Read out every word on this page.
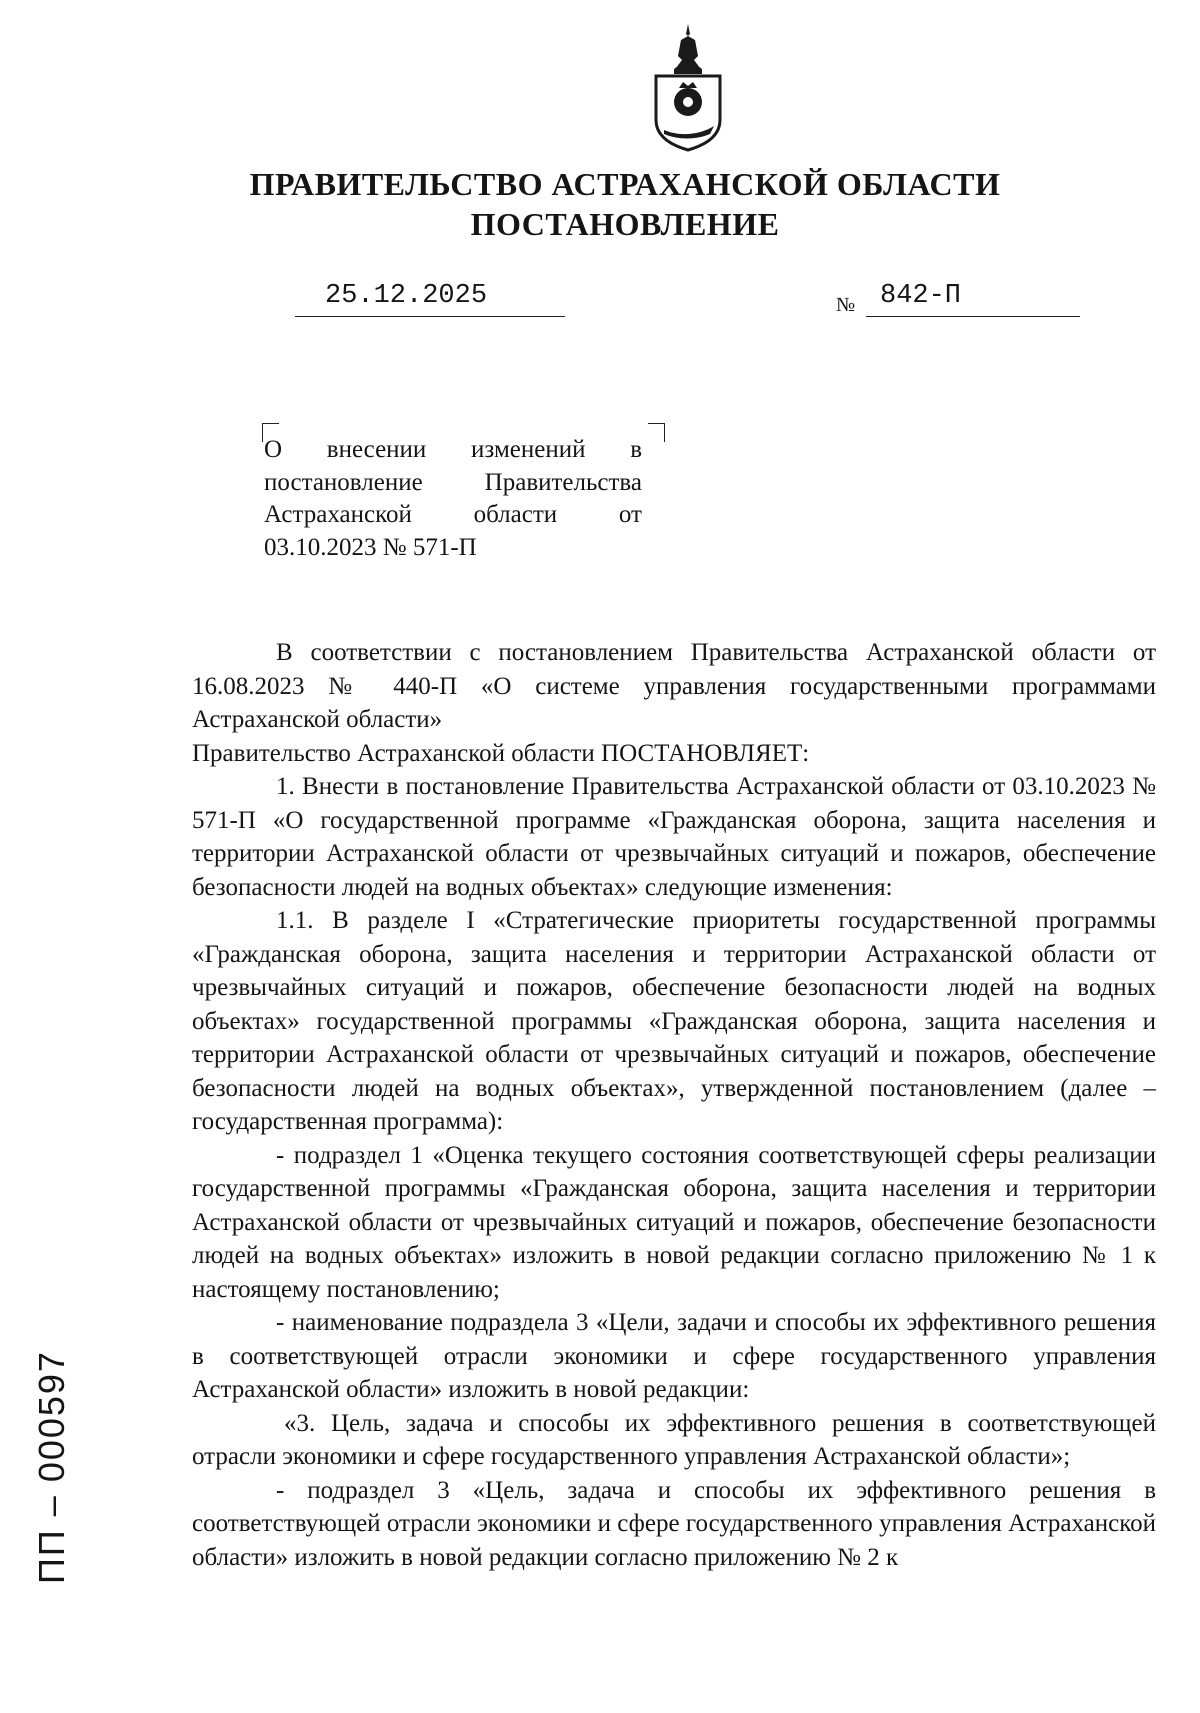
ПРАВИТЕЛЬСТВО АСТРАХАНСКОЙ ОБЛАСТИ
ПОСТАНОВЛЕНИЕ
25.12.2025	№ 842-П

О внесении изменений в постановление Правительства Астраханской области от 03.10.2023 № 571-П

В соответствии с постановлением Правительства Астраханской области от 16.08.2023 № 440-П «О системе управления государственными программами Астраханской области»

Правительство Астраханской области ПОСТАНОВЛЯЕТ:

1. Внести в постановление Правительства Астраханской области от 03.10.2023 № 571-П «О государственной программе «Гражданская оборона, защита населения и территории Астраханской области от чрезвычайных ситуаций и пожаров, обеспечение безопасности людей на водных объектах» следующие изменения:

1.1. В разделе I «Стратегические приоритеты государственной программы «Гражданская оборона, защита населения и территории Астраханской области от чрезвычайных ситуаций и пожаров, обеспечение безопасности людей на водных объектах» государственной программы «Гражданская оборона, защита населения и территории Астраханской области от чрезвычайных ситуаций и пожаров, обеспечение безопасности людей на водных объектах», утвержденной постановлением (далее – государственная программа):

- подраздел 1 «Оценка текущего состояния соответствующей сферы реализации государственной программы «Гражданская оборона, защита населения и территории Астраханской области от чрезвычайных ситуаций и пожаров, обеспечение безопасности людей на водных объектах» изложить в новой редакции согласно приложению № 1 к настоящему постановлению;

- наименование подраздела 3 «Цели, задачи и способы их эффективного решения в соответствующей отрасли экономики и сфере государственного управления Астраханской области» изложить в новой редакции:

«3. Цель, задача и способы их эффективного решения в соответствующей отрасли экономики и сфере государственного управления Астраханской области»;

- подраздел 3 «Цель, задача и способы их эффективного решения в соответствующей отрасли экономики и сфере государственного управления Астраханской области» изложить в новой редакции согласно приложению № 2 к

ПП – 000597
